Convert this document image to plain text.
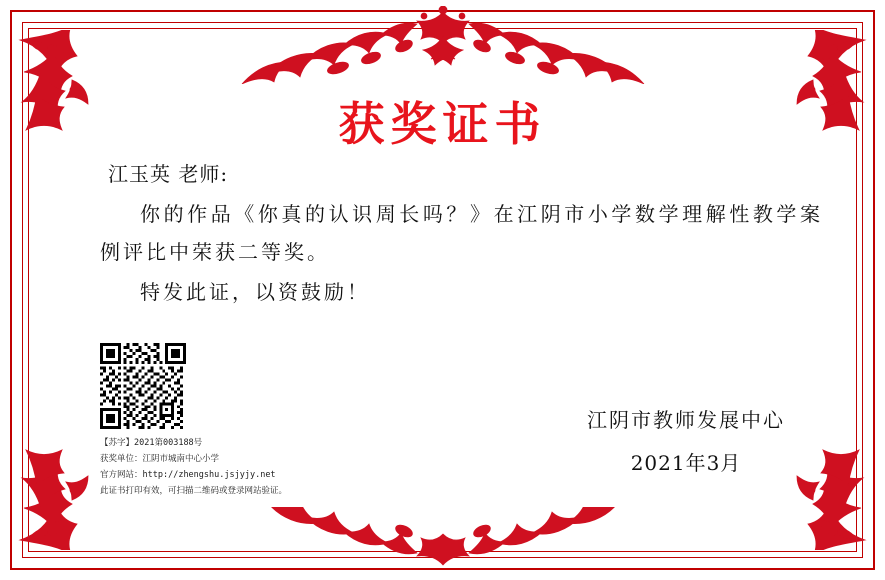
获奖证书
江玉英 老师:
你的作品《你真的认识周长吗？》在江阴市小学数学理解性教学案例评比中荣获二等奖。
特发此证，以资鼓励！
【苏字】2021第003188号
获奖单位：江阴市城南中心小学
官方网站：http://zhengshu.jsjyjy.net
此证书打印有效，可扫描二维码或登录网站验证。
江阴市教师发展中心
2021年3月
